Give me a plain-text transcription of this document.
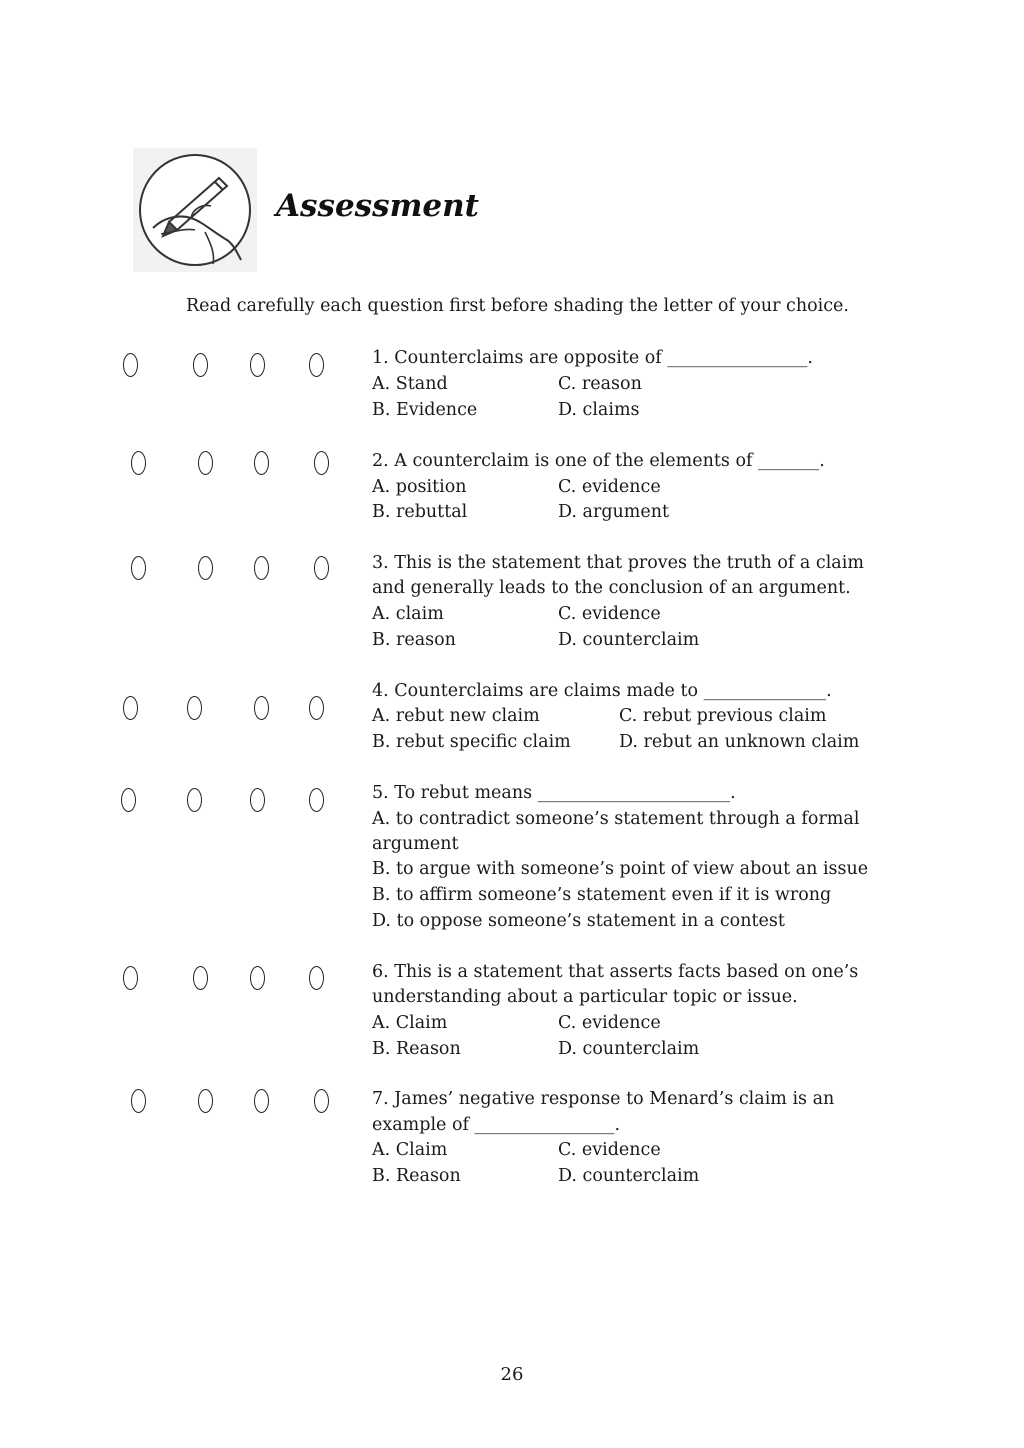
Assessment
Read carefully each question first before shading the letter of your choice.
1. Counterclaims are opposite of ________________.
A. Stand	C. reason
B. Evidence	D. claims
2. A counterclaim is one of the elements of _______.
A. position	C. evidence
B. rebuttal	D. argument
3. This is the statement that proves the truth of a claim
and generally leads to the conclusion of an argument.
A. claim	C. evidence
B. reason	D. counterclaim
4. Counterclaims are claims made to ______________.
A. rebut new claim	C. rebut previous claim
B. rebut specific claim	D. rebut an unknown claim
5. To rebut means ______________________.
A. to contradict someone’s statement through a formal
argument
B. to argue with someone’s point of view about an issue
B. to affirm someone’s statement even if it is wrong
D. to oppose someone’s statement in a contest
6. This is a statement that asserts facts based on one’s
understanding about a particular topic or issue.
A. Claim	C. evidence
B. Reason	D. counterclaim
7. James’ negative response to Menard’s claim is an
example of ________________.
A. Claim	C. evidence
B. Reason	D. counterclaim
26
